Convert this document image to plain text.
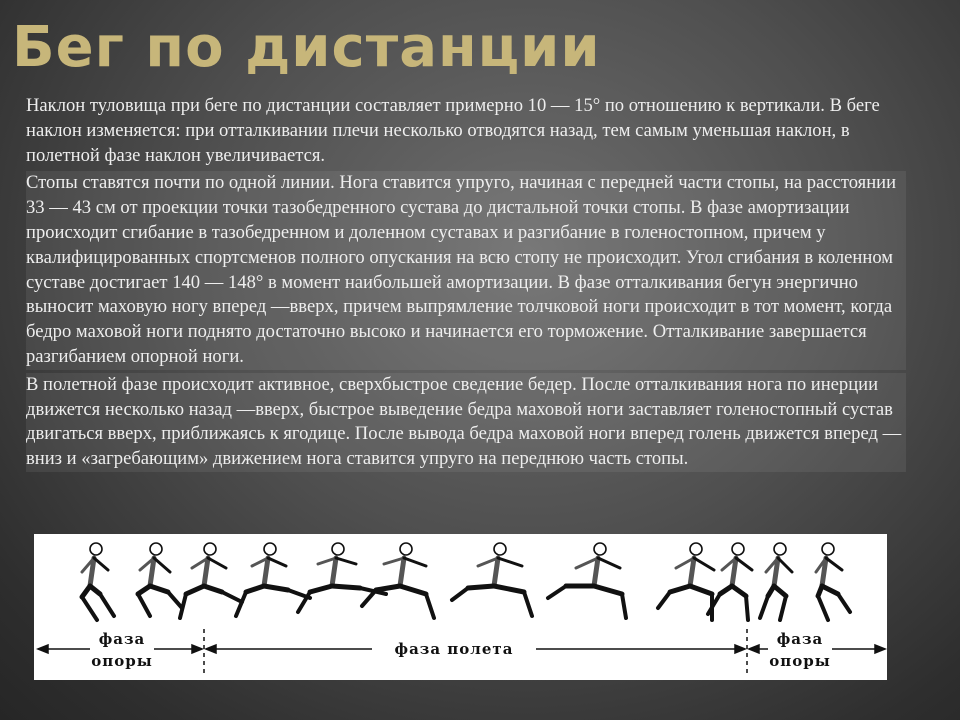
Бег по дистанции

Наклон туловища при беге по дистанции составляет примерно 10 — 15° по отношению к вертикали. В беге наклон изменяется: при отталкивании плечи несколько отводятся назад, тем самым уменьшая наклон, в полетной фазе наклон увеличивается.

Стопы ставятся почти по одной линии. Нога ставится упруго, начиная с передней части стопы, на расстоянии 33 — 43 см от проекции точки тазобедренного сустава до дистальной точки стопы. В фазе амортизации происходит сгибание в тазобедренном и доленном суставах и разгибание в голеностопном, причем у квалифицированных спортсменов полного опускания на всю стопу не происходит. Угол сгибания в коленном суставе достигает 140 — 148° в момент наибольшей амортизации. В фазе отталкивания бегун энергично выносит маховую ногу вперед —вверх, причем выпрямление толчковой ноги происходит в тот момент, когда бедро маховой ноги поднято достаточно высоко и начинается его торможение. Отталкивание завершается разгибанием опорной ноги.

В полетной фазе происходит активное, сверхбыстрое сведение бедер. После отталкивания нога по инерции движется несколько назад —вверх, быстрое выведение бедра маховой ноги заставляет голеностопный сустав двигаться вверх, приближаясь к ягодице. После вывода бедра маховой ноги вперед голень движется вперед — вниз и «загребающим» движением нога ставится упруго на переднюю часть стопы.

фаза
опоры
фаза полета
фаза
опоры
